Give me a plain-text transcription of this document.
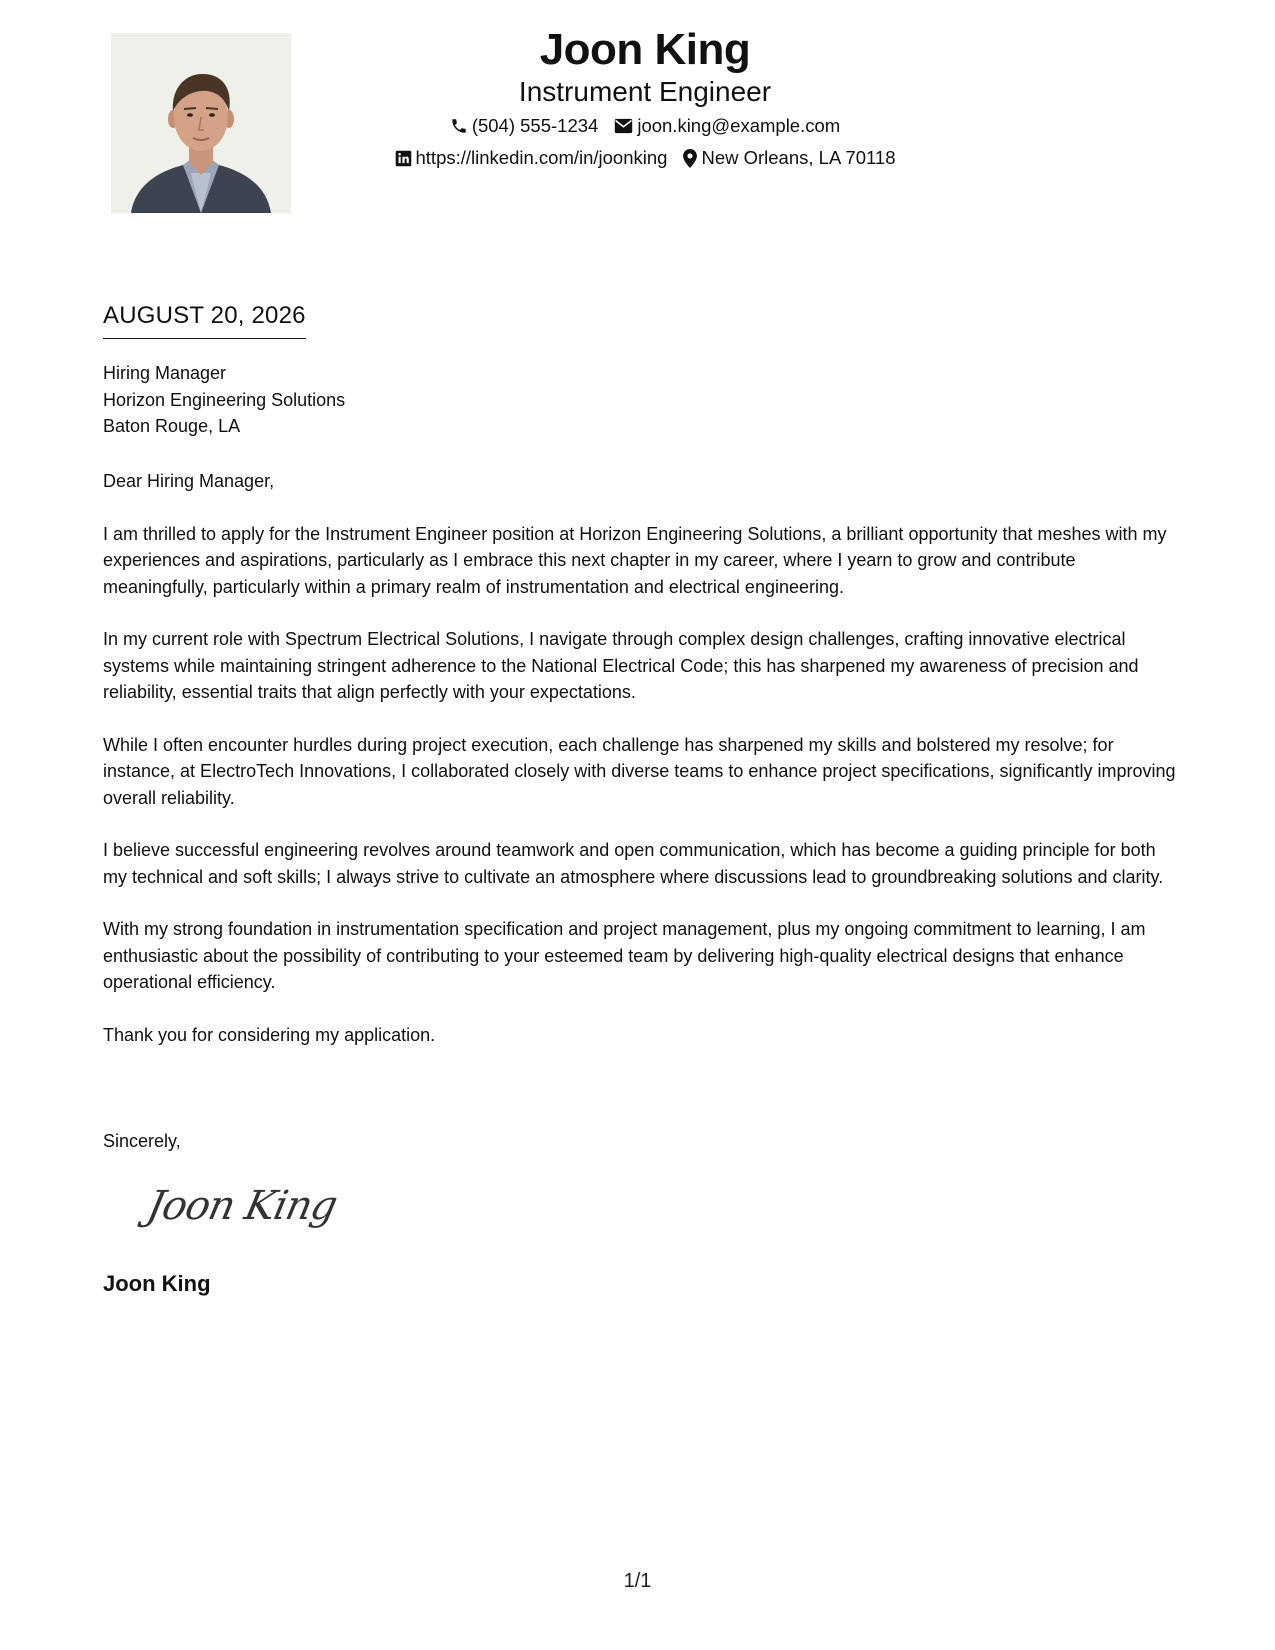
Joon King
Instrument Engineer
(504) 555-1234 joon.king@example.com
https://linkedin.com/in/joonking New Orleans, LA 70118
AUGUST 20, 2026
Hiring Manager
Horizon Engineering Solutions
Baton Rouge, LA

Dear Hiring Manager,

I am thrilled to apply for the Instrument Engineer position at Horizon Engineering Solutions, a brilliant opportunity that meshes with my experiences and aspirations, particularly as I embrace this next chapter in my career, where I yearn to grow and contribute meaningfully, particularly within a primary realm of instrumentation and electrical engineering.

In my current role with Spectrum Electrical Solutions, I navigate through complex design challenges, crafting innovative electrical systems while maintaining stringent adherence to the National Electrical Code; this has sharpened my awareness of precision and reliability, essential traits that align perfectly with your expectations.

While I often encounter hurdles during project execution, each challenge has sharpened my skills and bolstered my resolve; for instance, at ElectroTech Innovations, I collaborated closely with diverse teams to enhance project specifications, significantly improving overall reliability.

I believe successful engineering revolves around teamwork and open communication, which has become a guiding principle for both my technical and soft skills; I always strive to cultivate an atmosphere where discussions lead to groundbreaking solutions and clarity.

With my strong foundation in instrumentation specification and project management, plus my ongoing commitment to learning, I am enthusiastic about the possibility of contributing to your esteemed team by delivering high-quality electrical designs that enhance operational efficiency.

Thank you for considering my application.

Sincerely,
Joon King
Joon King
1/1
